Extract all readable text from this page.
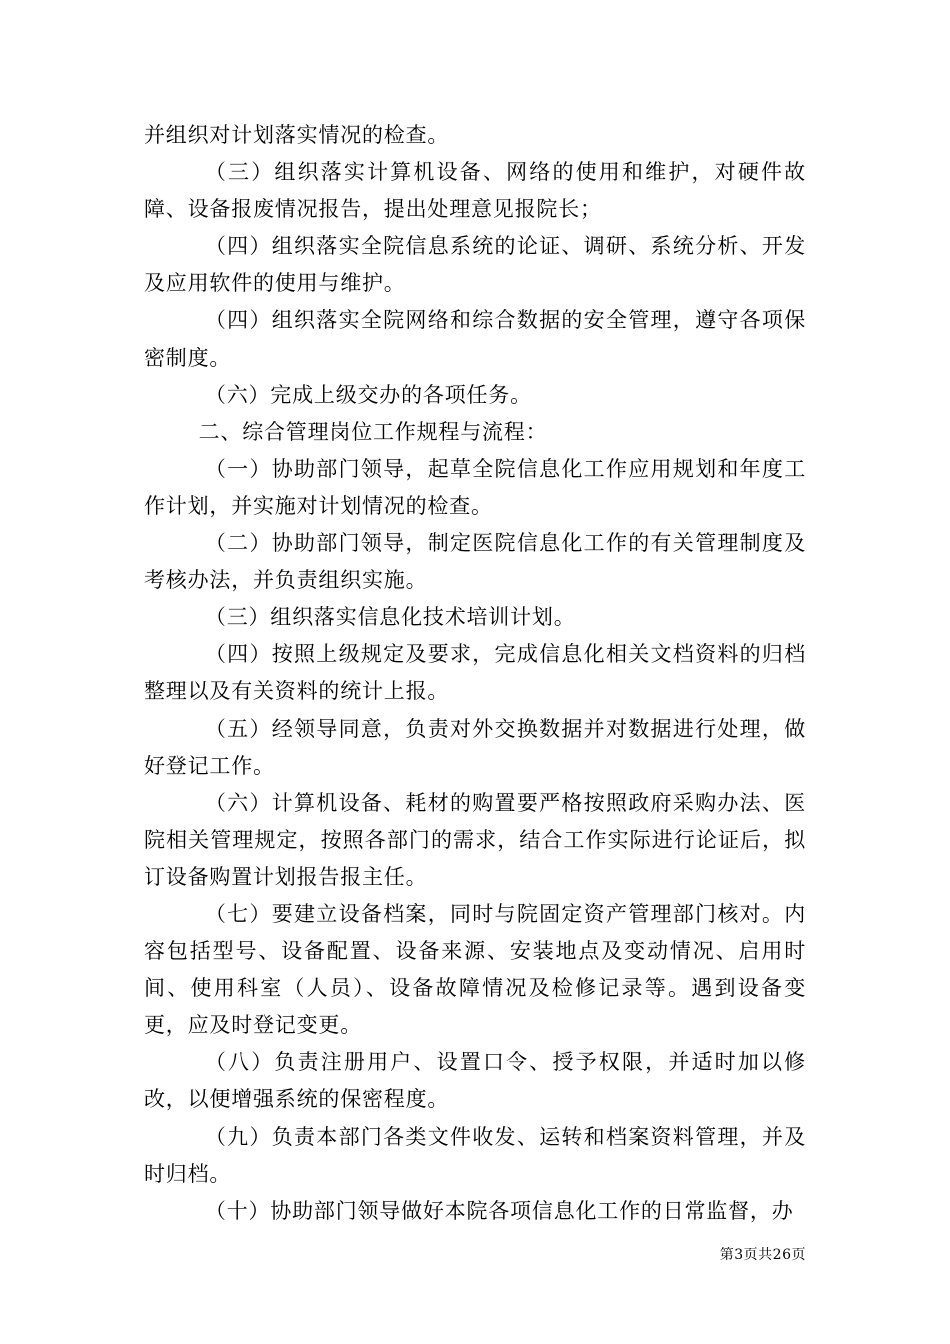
并组织对计划落实情况的检查。

（三）组织落实计算机设备、网络的使用和维护，对硬件故障、设备报废情况报告，提出处理意见报院长；

（四）组织落实全院信息系统的论证、调研、系统分析、开发及应用软件的使用与维护。

（四）组织落实全院网络和综合数据的安全管理，遵守各项保密制度。

（六）完成上级交办的各项任务。

二、综合管理岗位工作规程与流程：

（一）协助部门领导，起草全院信息化工作应用规划和年度工作计划，并实施对计划情况的检查。

（二）协助部门领导，制定医院信息化工作的有关管理制度及考核办法，并负责组织实施。

（三）组织落实信息化技术培训计划。

（四）按照上级规定及要求，完成信息化相关文档资料的归档整理以及有关资料的统计上报。

（五）经领导同意，负责对外交换数据并对数据进行处理，做好登记工作。

（六）计算机设备、耗材的购置要严格按照政府采购办法、医院相关管理规定，按照各部门的需求，结合工作实际进行论证后，拟订设备购置计划报告报主任。

（七）要建立设备档案，同时与院固定资产管理部门核对。内容包括型号、设备配置、设备来源、安装地点及变动情况、启用时间、使用科室（人员）、设备故障情况及检修记录等。遇到设备变更，应及时登记变更。

（八）负责注册用户、设置口令、授予权限，并适时加以修改，以便增强系统的保密程度。

（九）负责本部门各类文件收发、运转和档案资料管理，并及时归档。

（十）协助部门领导做好本院各项信息化工作的日常监督，办

第3页共26页
